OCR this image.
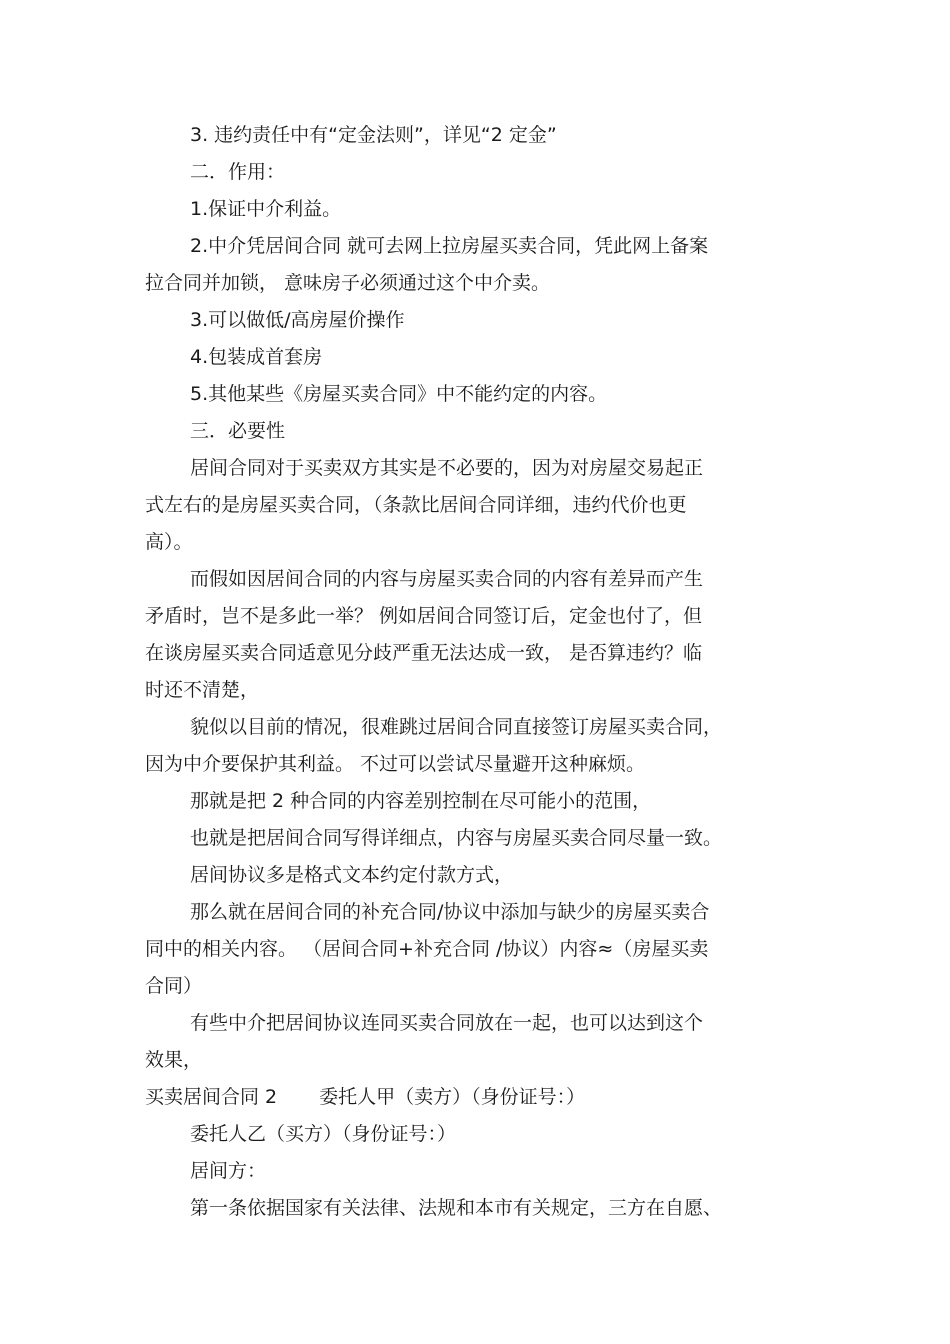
3. 违约责任中有“定金法则”，详见“2 定金”
二．作用：
1.保证中介利益。
2.中介凭居间合同 就可去网上拉房屋买卖合同，凭此网上备案
拉合同并加锁， 意味房子必须通过这个中介卖。
3.可以做低/高房屋价操作
4.包装成首套房
5.其他某些《房屋买卖合同》中不能约定的内容。
三．必要性
居间合同对于买卖双方其实是不必要的，因为对房屋交易起正
式左右的是房屋买卖合同，（条款比居间合同详细，违约代价也更
高）。
而假如因居间合同的内容与房屋买卖合同的内容有差异而产生
矛盾时，岂不是多此一举？ 例如居间合同签订后，定金也付了，但
在谈房屋买卖合同适意见分歧严重无法达成一致， 是否算违约？临
时还不清楚，
貌似以目前的情况，很难跳过居间合同直接签订房屋买卖合同，
因为中介要保护其利益。 不过可以尝试尽量避开这种麻烦。
那就是把 2 种合同的内容差别控制在尽可能小的范围，
也就是把居间合同写得详细点，内容与房屋买卖合同尽量一致。
居间协议多是格式文本约定付款方式，
那么就在居间合同的补充合同/协议中添加与缺少的房屋买卖合
同中的相关内容。 （居间合同+补充合同 /协议）内容≈（房屋买卖
合同）
有些中介把居间协议连同买卖合同放在一起，也可以达到这个
效果，
买卖居间合同 2 委托人甲（卖方）（身份证号：）
委托人乙（买方）（身份证号：）
居间方：
第一条依据国家有关法律、法规和本市有关规定，三方在自愿、
